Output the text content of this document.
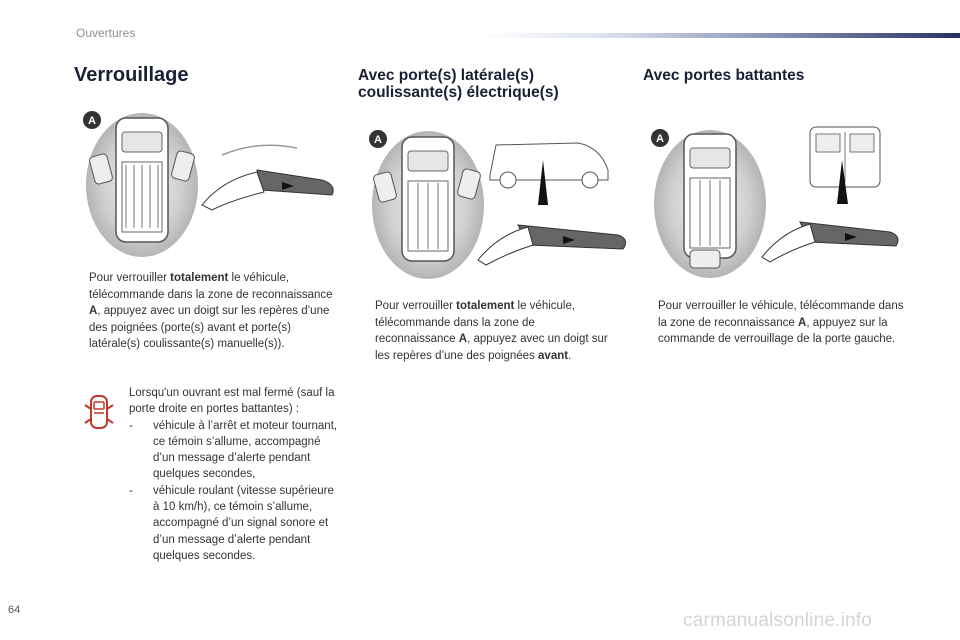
Ouvertures
Verrouillage	Avec porte(s) latérale(s)
coulissante(s) électrique(s)
Avec portes battantes
A
A	A
Pour verrouiller totalement le véhicule, télécommande dans la zone de reconnaissance A, appuyez avec un doigt sur les repères d’une des poignées (porte(s) avant et porte(s) latérale(s) coulissante(s) manuelle(s)).
Lorsqu'un ouvrant est mal fermé (sauf la porte droite en portes battantes) :
- véhicule à l’arrêt et moteur tournant, ce témoin s’allume, accompagné d’un message d’alerte pendant quelques secondes,
- véhicule roulant (vitesse supérieure à 10 km/h), ce témoin s’allume, accompagné d’un signal sonore et d’un message d’alerte pendant quelques secondes.
Pour verrouiller totalement le véhicule, télécommande dans la zone de reconnaissance A, appuyez avec un doigt sur les repères d’une des poignées avant.
Pour verrouiller le véhicule, télécommande dans la zone de reconnaissance A, appuyez sur la commande de verrouillage de la porte gauche.
64	carmanualsonline.info
